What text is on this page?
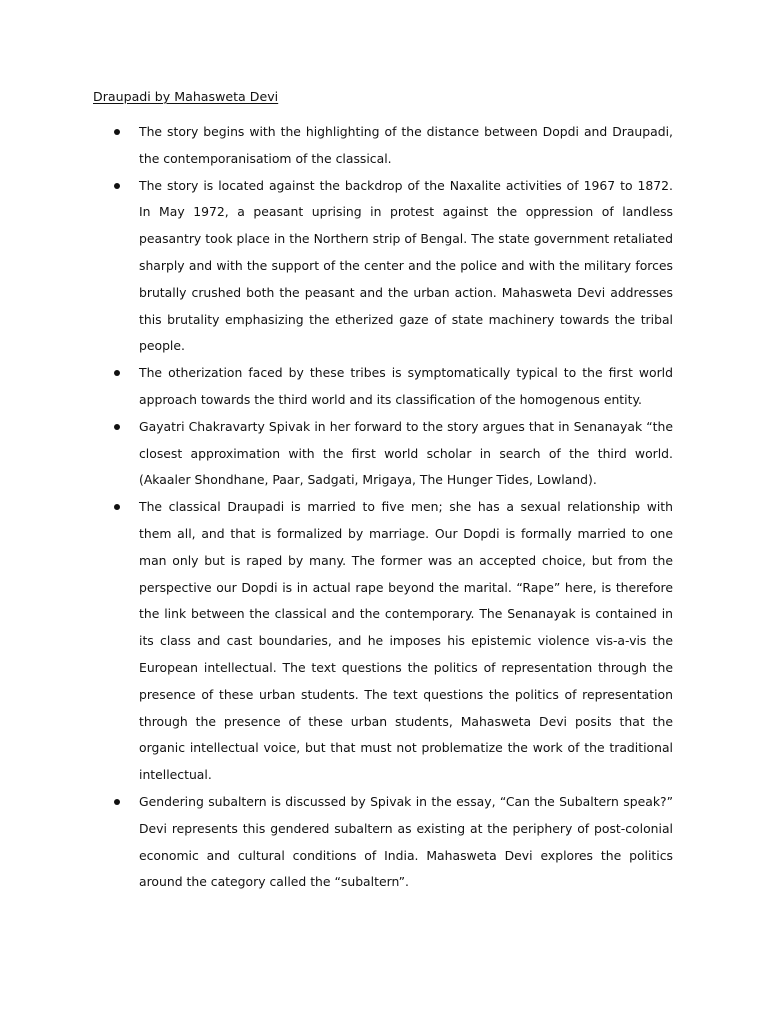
Draupadi by Mahasweta Devi
The story begins with the highlighting of the distance between Dopdi and Draupadi, the contemporanisatiom of the classical.
The story is located against the backdrop of the Naxalite activities of 1967 to 1872. In May 1972, a peasant uprising in protest against the oppression of landless peasantry took place in the Northern strip of Bengal. The state government retaliated sharply and with the support of the center and the police and with the military forces brutally crushed both the peasant and the urban action. Mahasweta Devi addresses this brutality emphasizing the etherized gaze of state machinery towards the tribal people.
The otherization faced by these tribes is symptomatically typical to the first world approach towards the third world and its classification of the homogenous entity.
Gayatri Chakravarty Spivak in her forward to the story argues that in Senanayak “the closest approximation with the first world scholar in search of the third world. (Akaaler Shondhane, Paar, Sadgati, Mrigaya, The Hunger Tides, Lowland).
The classical Draupadi is married to five men; she has a sexual relationship with them all, and that is formalized by marriage. Our Dopdi is formally married to one man only but is raped by many. The former was an accepted choice, but from the perspective our Dopdi is in actual rape beyond the marital. “Rape” here, is therefore the link between the classical and the contemporary. The Senanayak is contained in its class and cast boundaries, and he imposes his epistemic violence vis-a-vis the European intellectual. The text questions the politics of representation through the presence of these urban students. The text questions the politics of representation through the presence of these urban students, Mahasweta Devi posits that the organic intellectual voice, but that must not problematize the work of the traditional intellectual.
Gendering subaltern is discussed by Spivak in the essay, “Can the Subaltern speak?” Devi represents this gendered subaltern as existing at the periphery of post-colonial economic and cultural conditions of India. Mahasweta Devi explores the politics around the category called the “subaltern”.
